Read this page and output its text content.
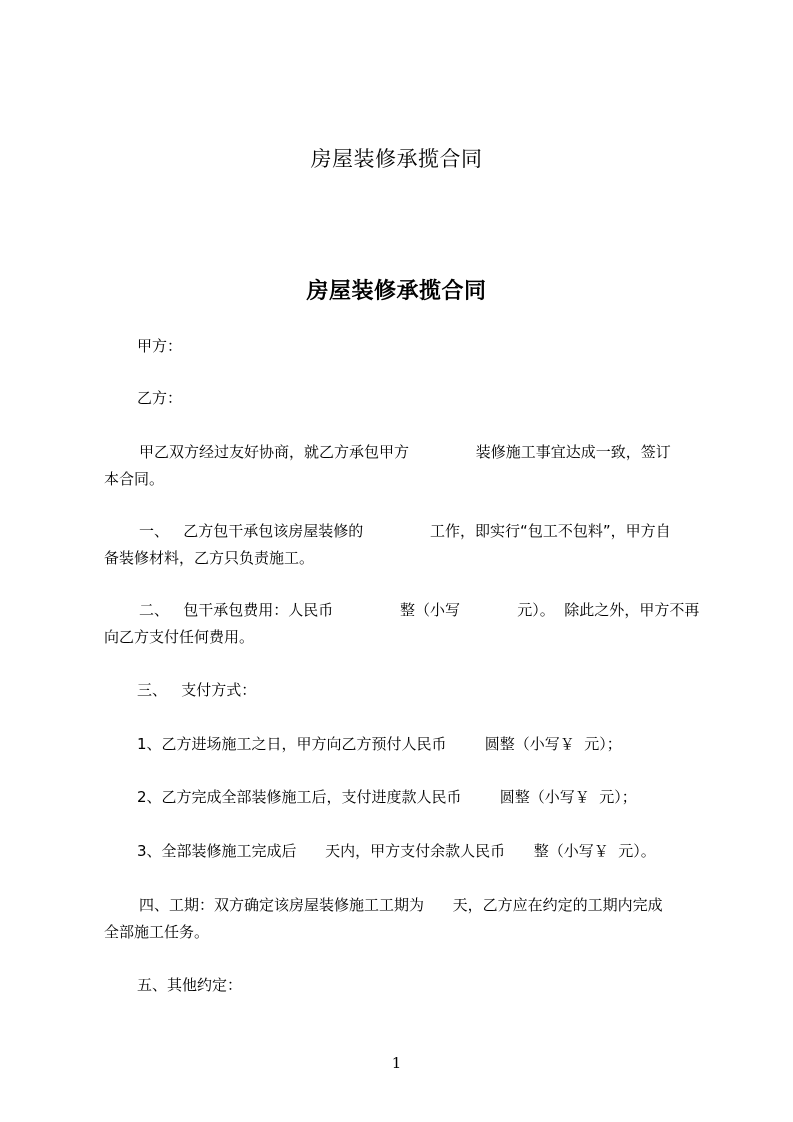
房屋装修承揽合同
房屋装修承揽合同
甲方：
乙方：
甲乙双方经过友好协商，就乙方承包甲方              装修施工事宜达成一致，签订
本合同。
一、   乙方包干承包该房屋装修的              工作，即实行“包工不包料”，甲方自
备装修材料，乙方只负责施工。
二、   包干承包费用：人民币              整（小写            元）。  除此之外，甲方不再
向乙方支付任何费用。
三、   支付方式：
1、乙方进场施工之日，甲方向乙方预付人民币        圆整（小写￥  元）；
2、乙方完成全部装修施工后，支付进度款人民币        圆整（小写￥  元）；
3、全部装修施工完成后      天内，甲方支付余款人民币      整（小写￥  元）。
四、工期：双方确定该房屋装修施工工期为      天，乙方应在约定的工期内完成
全部施工任务。
五、其他约定：
1
